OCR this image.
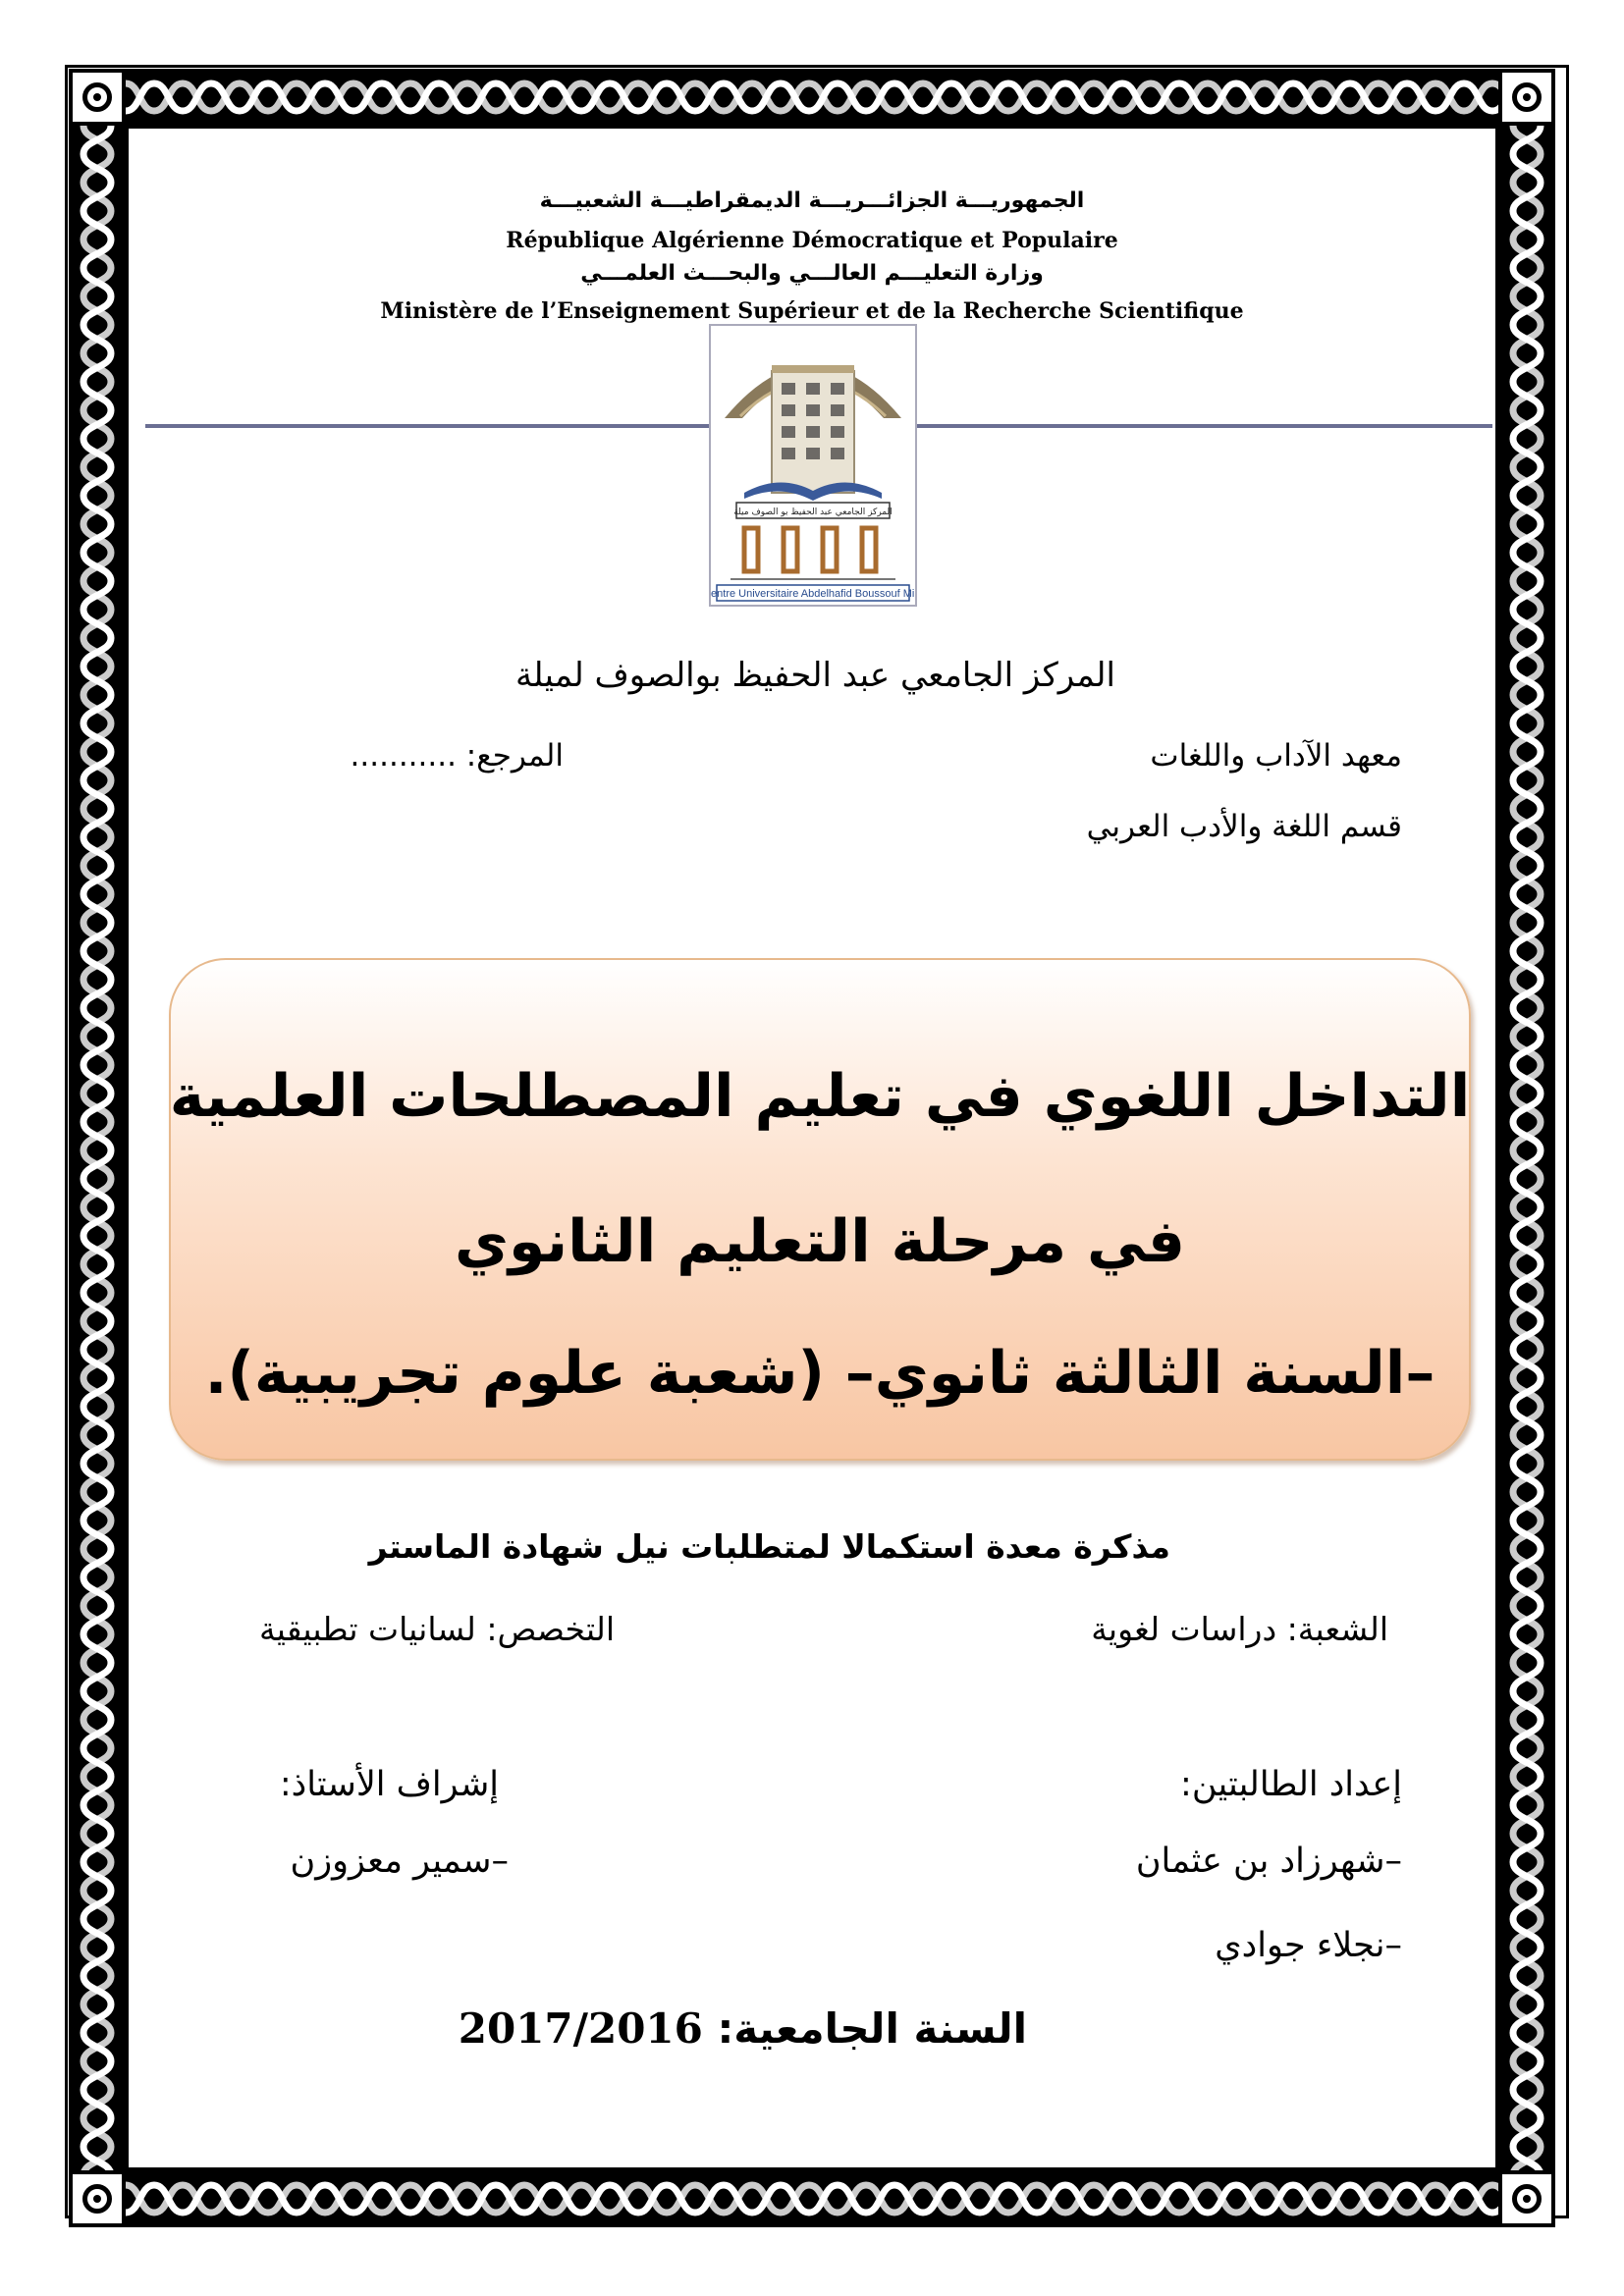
الجمهوريـــة الجزائـــريـــة الديمقراطيـــة الشعبيـــة
République Algérienne Démocratique et Populaire
وزارة التعليـــم العالـــي والبحـــث العلمـــي
Ministère de l’Enseignement Supérieur et de la Recherche Scientifique
المركز الجامعي عبد الحفيظ بو الصوف ميلة
Centre Universitaire Abdelhafid Boussouf Mila
المركز الجامعي عبد الحفيظ بوالصوف لميلة
معهد الآداب واللغات
المرجع: ...........
قسم اللغة والأدب العربي
التداخل اللغوي في تعليم المصطلحات العلمية
في مرحلة التعليم الثانوي
–السنة الثالثة ثانوي– (شعبة علوم تجريبية).
مذكرة معدة استكمالا لمتطلبات نيل شهادة الماستر
الشعبة: دراسات لغوية
التخصص: لسانيات تطبيقية
إعداد الطالبتين:
إشراف الأستاذ:
–شهرزاد بن عثمان
–سمير معزوزن
–نجلاء جوادي
السنة الجامعية: 2017/2016
